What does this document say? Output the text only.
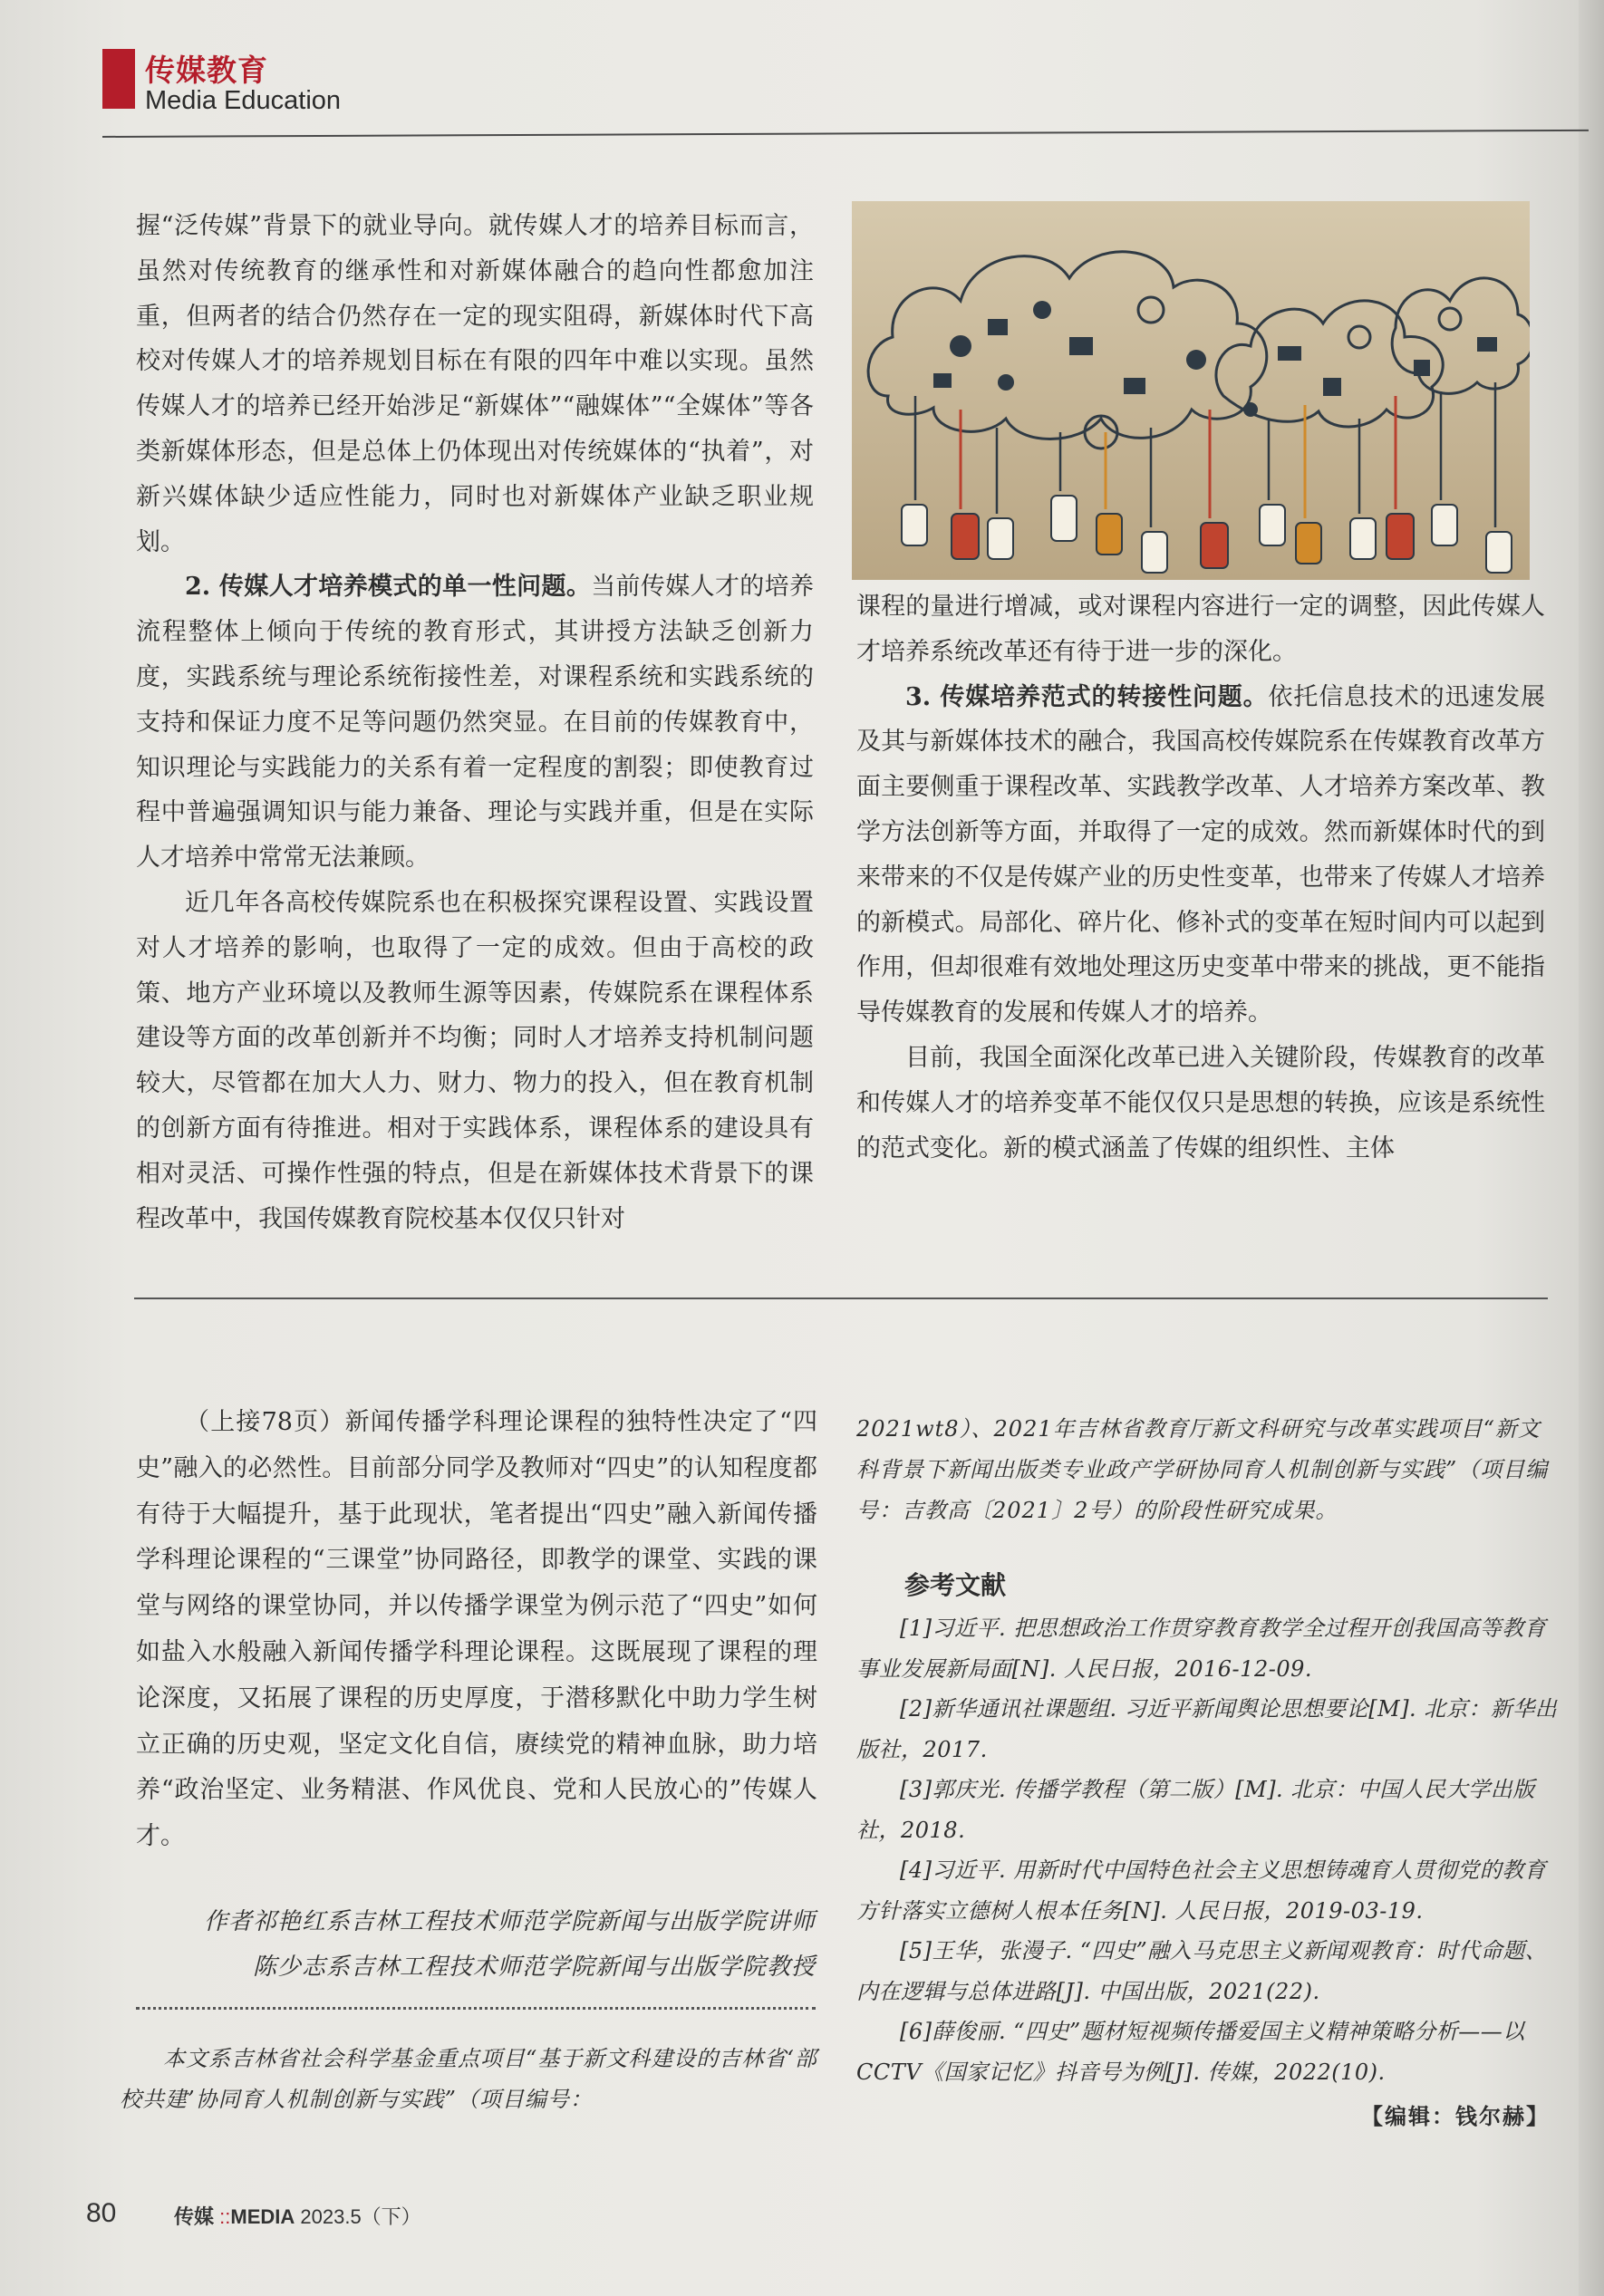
传媒教育
Media Education

握“泛传媒”背景下的就业导向。就传媒人才的培养目标而言，虽然对传统教育的继承性和对新媒体融合的趋向性都愈加注重，但两者的结合仍然存在一定的现实阻碍，新媒体时代下高校对传媒人才的培养规划目标在有限的四年中难以实现。虽然传媒人才的培养已经开始涉足“新媒体”“融媒体”“全媒体”等各类新媒体形态，但是总体上仍体现出对传统媒体的“执着”，对新兴媒体缺少适应性能力，同时也对新媒体产业缺乏职业规划。

2. 传媒人才培养模式的单一性问题。当前传媒人才的培养流程整体上倾向于传统的教育形式，其讲授方法缺乏创新力度，实践系统与理论系统衔接性差，对课程系统和实践系统的支持和保证力度不足等问题仍然突显。在目前的传媒教育中，知识理论与实践能力的关系有着一定程度的割裂；即使教育过程中普遍强调知识与能力兼备、理论与实践并重，但是在实际人才培养中常常无法兼顾。

近几年各高校传媒院系也在积极探究课程设置、实践设置对人才培养的影响，也取得了一定的成效。但由于高校的政策、地方产业环境以及教师生源等因素，传媒院系在课程体系建设等方面的改革创新并不均衡；同时人才培养支持机制问题较大，尽管都在加大人力、财力、物力的投入，但在教育机制的创新方面有待推进。相对于实践体系，课程体系的建设具有相对灵活、可操作性强的特点，但是在新媒体技术背景下的课程改革中，我国传媒教育院校基本仅仅只针对

课程的量进行增减，或对课程内容进行一定的调整，因此传媒人才培养系统改革还有待于进一步的深化。

3. 传媒培养范式的转接性问题。依托信息技术的迅速发展及其与新媒体技术的融合，我国高校传媒院系在传媒教育改革方面主要侧重于课程改革、实践教学改革、人才培养方案改革、教学方法创新等方面，并取得了一定的成效。然而新媒体时代的到来带来的不仅是传媒产业的历史性变革，也带来了传媒人才培养的新模式。局部化、碎片化、修补式的变革在短时间内可以起到作用，但却很难有效地处理这历史变革中带来的挑战，更不能指导传媒教育的发展和传媒人才的培养。

目前，我国全面深化改革已进入关键阶段，传媒教育的改革和传媒人才的培养变革不能仅仅只是思想的转换，应该是系统性的范式变化。新的模式涵盖了传媒的组织性、主体

（上接78页）新闻传播学科理论课程的独特性决定了“四史”融入的必然性。目前部分同学及教师对“四史”的认知程度都有待于大幅提升，基于此现状，笔者提出“四史”融入新闻传播学科理论课程的“三课堂”协同路径，即教学的课堂、实践的课堂与网络的课堂协同，并以传播学课堂为例示范了“四史”如何如盐入水般融入新闻传播学科理论课程。这既展现了课程的理论深度，又拓展了课程的历史厚度，于潜移默化中助力学生树立正确的历史观，坚定文化自信，赓续党的精神血脉，助力培养“政治坚定、业务精湛、作风优良、党和人民放心的”传媒人才。

作者祁艳红系吉林工程技术师范学院新闻与出版学院讲师
陈少志系吉林工程技术师范学院新闻与出版学院教授
本文系吉林省社会科学基金重点项目“基于新文科建设的吉林省‘部校共建’协同育人机制创新与实践”（项目编号：
2021wt8）、2021年吉林省教育厅新文科研究与改革实践项目“新文科背景下新闻出版类专业政产学研协同育人机制创新与实践”（项目编号：吉教高〔2021〕2号）的阶段性研究成果。
参考文献
[1]习近平. 把思想政治工作贯穿教育教学全过程开创我国高等教育事业发展新局面[N]. 人民日报，2016-12-09.
[2]新华通讯社课题组. 习近平新闻舆论思想要论[M]. 北京：新华出版社，2017.
[3]郭庆光. 传播学教程（第二版）[M]. 北京：中国人民大学出版社，2018.
[4]习近平. 用新时代中国特色社会主义思想铸魂育人贯彻党的教育方针落实立德树人根本任务[N]. 人民日报，2019-03-19.
[5]王华，张漫子. “四史”融入马克思主义新闻观教育：时代命题、内在逻辑与总体进路[J]. 中国出版，2021(22).
[6]薛俊丽. “四史”题材短视频传播爱国主义精神策略分析——以CCTV《国家记忆》抖音号为例[J]. 传媒，2022(10).
【编辑：钱尔赫】
80	传媒 ::MEDIA 2023.5（下）
